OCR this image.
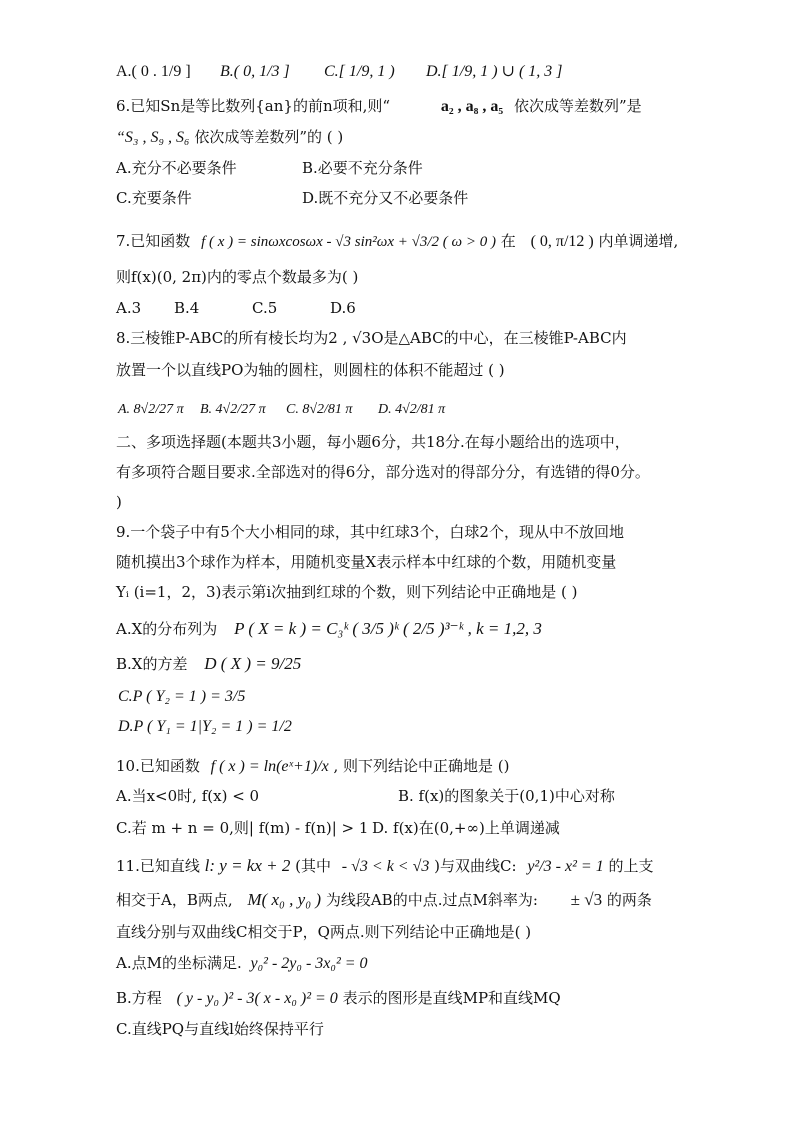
A.( 0 . 1/9 ] B.( 0, 1/3 ] C.[ 1/9, 1 ) D.[ 1/9, 1 ) ∪ ( 1, 3 ]
6.已知Sn是等比数列{an}的前n项和,则“	a₂ , a₈ , a₅ 依次成等差数列”是
“S₃ , S₉ , S₆ 依次成等差数列”的 ( )
A.充分不必要条件	B.必要不充分条件
C.充要条件	D.既不充分又不必要条件
7.已知函数 f ( x ) = sinωxcosωx - √3 sin²ωx + √3/2 ( ω > 0 ) 在 ( 0, π/12 ) 内单调递增,
则f(x)(0, 2π)内的零点个数最多为( )
A.3 B.4	C.5	D.6
8.三棱锥P-ABC的所有棱长均为2 , √3O是△ABC的中心，在三棱锥P-ABC内
放置一个以直线PO为轴的圆柱，则圆柱的体积不能超过 ( )
A. 8√2/27 π B. 4√2/27 π C. 8√2/81 π D. 4√2/81 π
二、多项选择题(本题共3小题，每小题6分，共18分.在每小题给出的选项中，
有多项符合题目要求.全部选对的得6分，部分选对的得部分分，有选错的得0分。
)
9.一个袋子中有5个大小相同的球，其中红球3个，白球2个，现从中不放回地
随机摸出3个球作为样本，用随机变量X表示样本中红球的个数，用随机变量
Yᵢ (i=1，2，3)表示第i次抽到红球的个数，则下列结论中正确地是 ( )
A.X的分布列为 P ( X = k ) = C₃ᵏ ( 3/5 )ᵏ ( 2/5 )³⁻ᵏ , k = 1,2, 3
B.X的方差 D ( X ) = 9/25
C.P ( Y₂ = 1 ) = 3/5
D.P ( Y₁ = 1|Y₂ = 1 ) = 1/2
10.已知函数 f ( x ) = ln(eˣ+1)/x , 则下列结论中正确地是 ()
A.当x<0时, f(x) < 0	B. f(x)的图象关于(0,1)中心对称
C.若 m + n = 0,则| f(m) - f(n)| > 1 D. f(x)在(0,+∞)上单调递减
11.已知直线 l: y = kx + 2 (其中 - √3 < k < √3 )与双曲线C: y²/3 - x² = 1 的上支
相交于A，B两点, M( x₀ , y₀ ) 为线段AB的中点.过点M斜率为: ± √3 的两条
直线分别与双曲线C相交于P，Q两点.则下列结论中正确地是( )
A.点M的坐标满足. y₀² - 2y₀ - 3x₀² = 0
B.方程 ( y - y₀ )² - 3( x - x₀ )² = 0 表示的图形是直线MP和直线MQ
C.直线PQ与直线l始终保持平行
